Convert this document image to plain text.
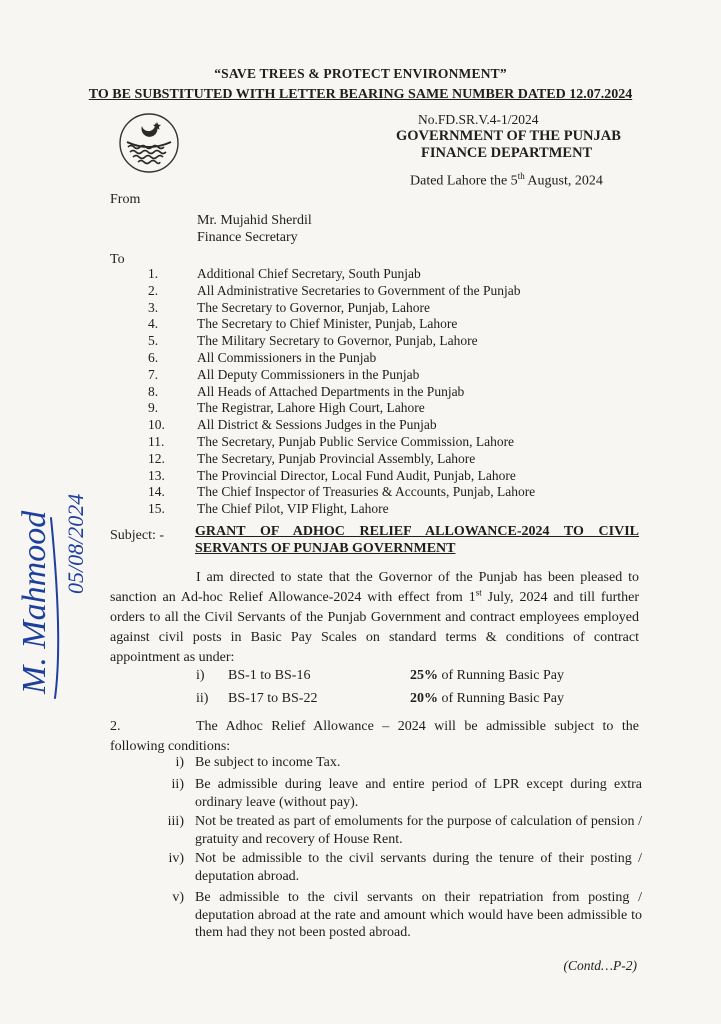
“SAVE TREES & PROTECT ENVIRONMENT”
TO BE SUBSTITUTED WITH LETTER BEARING SAME NUMBER DATED 12.07.2024
No.FD.SR.V.4-1/2024
GOVERNMENT OF THE PUNJAB
FINANCE DEPARTMENT
Dated Lahore the 5th August, 2024
From
Mr. Mujahid Sherdil
Finance Secretary
To
1.	Additional Chief Secretary, South Punjab
2.	All Administrative Secretaries to Government of the Punjab
3.	The Secretary to Governor, Punjab, Lahore
4.	The Secretary to Chief Minister, Punjab, Lahore
5.	The Military Secretary to Governor, Punjab, Lahore
6.	All Commissioners in the Punjab
7.	All Deputy Commissioners in the Punjab
8.	All Heads of Attached Departments in the Punjab
9.	The Registrar, Lahore High Court, Lahore
10.	All District & Sessions Judges in the Punjab
11.	The Secretary, Punjab Public Service Commission, Lahore
12.	The Secretary, Punjab Provincial Assembly, Lahore
13.	The Provincial Director, Local Fund Audit, Punjab, Lahore
14.	The Chief Inspector of Treasuries & Accounts, Punjab, Lahore
15.	The Chief Pilot, VIP Flight, Lahore
Subject: - GRANT OF ADHOC RELIEF ALLOWANCE-2024 TO CIVIL SERVANTS OF PUNJAB GOVERNMENT
I am directed to state that the Governor of the Punjab has been pleased to sanction an Ad-hoc Relief Allowance-2024 with effect from 1st July, 2024 and till further orders to all the Civil Servants of the Punjab Government and contract employees employed against civil posts in Basic Pay Scales on standard terms & conditions of contract appointment as under:
i) BS-1 to BS-16	25% of Running Basic Pay
ii) BS-17 to BS-22	20% of Running Basic Pay
2.	The Adhoc Relief Allowance – 2024 will be admissible subject to the following conditions:
i) Be subject to income Tax.
ii) Be admissible during leave and entire period of LPR except during extra ordinary leave (without pay).
iii) Not be treated as part of emoluments for the purpose of calculation of pension / gratuity and recovery of House Rent.
iv) Not be admissible to the civil servants during the tenure of their posting / deputation abroad.
v) Be admissible to the civil servants on their repatriation from posting / deputation abroad at the rate and amount which would have been admissible to them had they not been posted abroad.
(Contd…P-2)
M. Mahmood 05/08/2024
